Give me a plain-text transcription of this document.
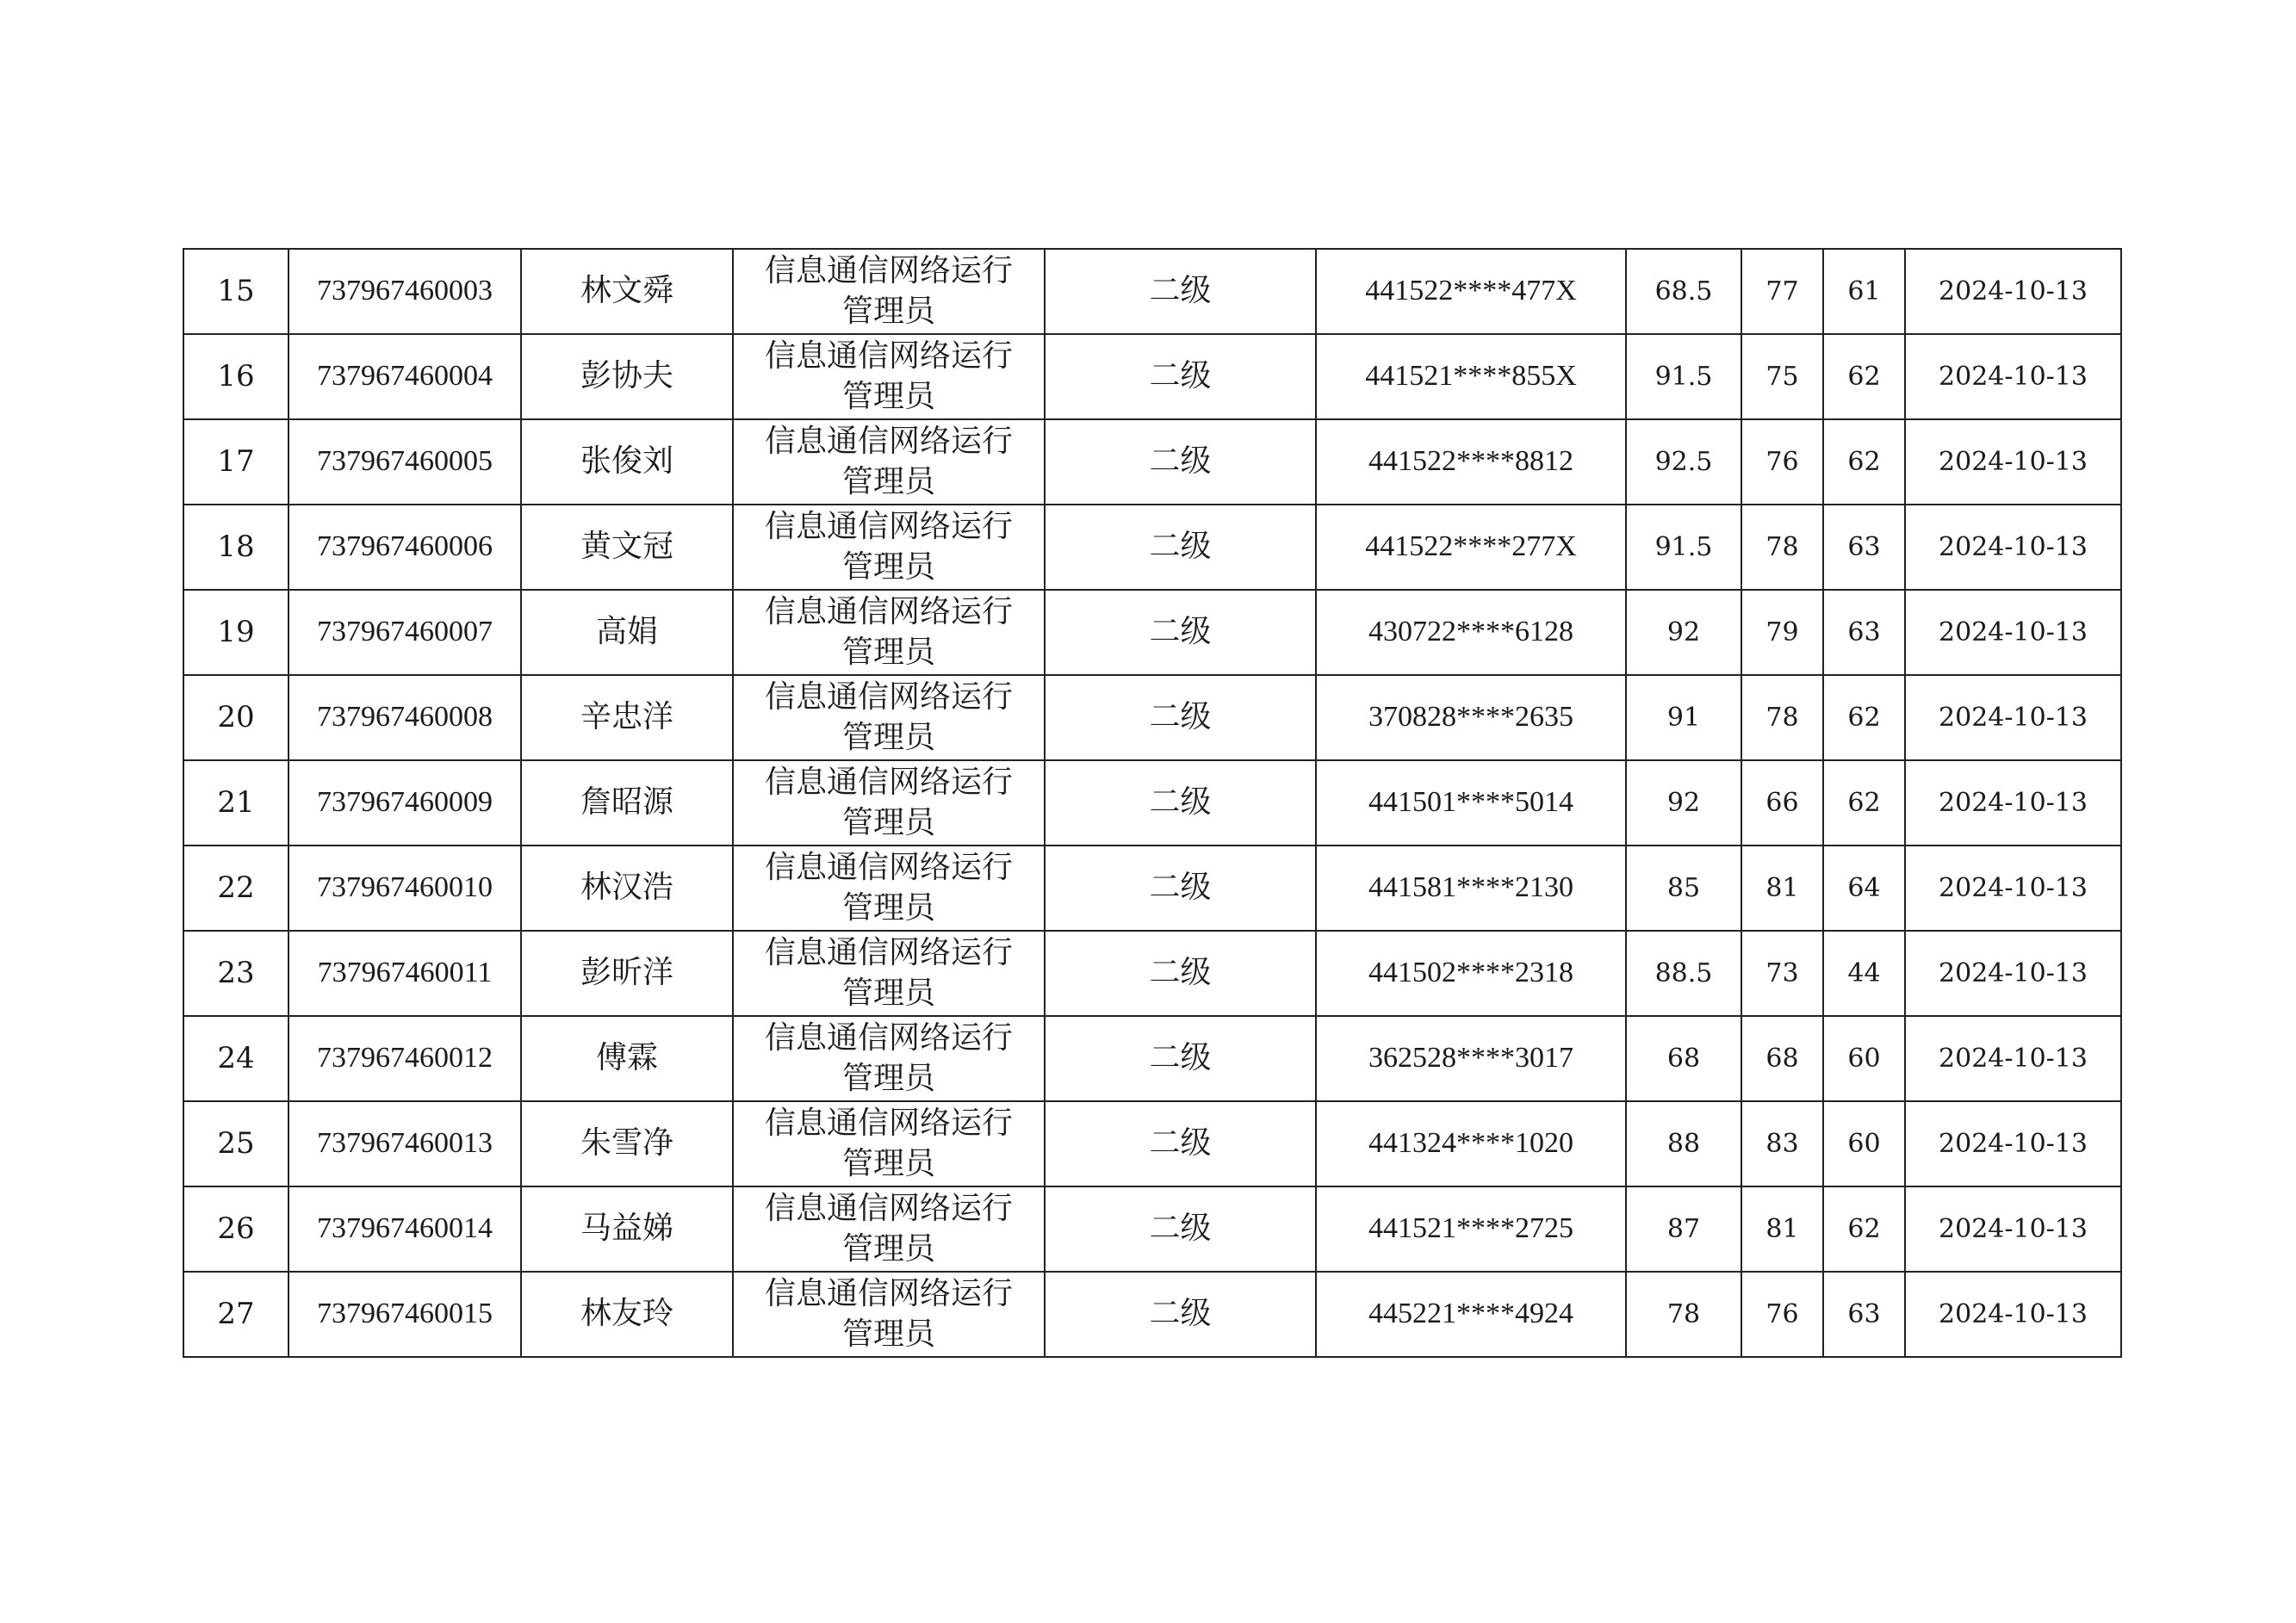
15	737967460003	林文舜	信息通信网络运行
管理员	二级	441522****477X	68.5	77	61	2024-10-13
16	737967460004	彭协夫	信息通信网络运行
管理员	二级	441521****855X	91.5	75	62	2024-10-13
17	737967460005	张俊刘	信息通信网络运行
管理员	二级	441522****8812	92.5	76	62	2024-10-13
18	737967460006	黄文冠	信息通信网络运行
管理员	二级	441522****277X	91.5	78	63	2024-10-13
19	737967460007	高娟	信息通信网络运行
管理员	二级	430722****6128	92	79	63	2024-10-13
20	737967460008	辛忠洋	信息通信网络运行
管理员	二级	370828****2635	91	78	62	2024-10-13
21	737967460009	詹昭源	信息通信网络运行
管理员	二级	441501****5014	92	66	62	2024-10-13
22	737967460010	林汉浩	信息通信网络运行
管理员	二级	441581****2130	85	81	64	2024-10-13
23	737967460011	彭昕洋	信息通信网络运行
管理员	二级	441502****2318	88.5	73	44	2024-10-13
24	737967460012	傅霖	信息通信网络运行
管理员	二级	362528****3017	68	68	60	2024-10-13
25	737967460013	朱雪净	信息通信网络运行
管理员	二级	441324****1020	88	83	60	2024-10-13
26	737967460014	马益娣	信息通信网络运行
管理员	二级	441521****2725	87	81	62	2024-10-13
27	737967460015	林友玲	信息通信网络运行
管理员	二级	445221****4924	78	76	63	2024-10-13
